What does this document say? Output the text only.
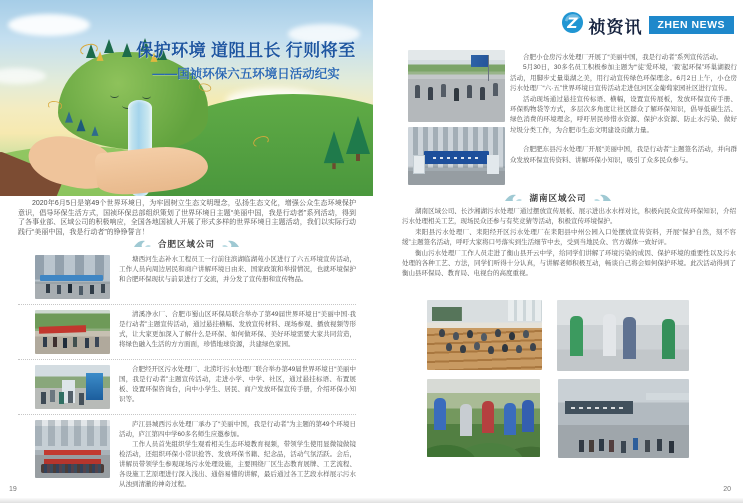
保护环境 道阻且长 行则将至
——国祯环保六五环境日活动纪实

2020年6月5日是第49个世界环境日，为牢固树立生态文明理念，弘扬生态文化，增强公众生态环境保护意识，倡导环保生活方式，国祯环保总部组织策划了世界环境日主题“美丽中国，我是行动者”系列活动，得到了各事业部、区域公司的积极响应，全国各地国祯人开展了形式多样的世界环境日主题活动，我们以实际行动践行“美丽中国，我是行动者”的铮铮誓言！

合肥区域公司

塘西河生态补水工程员工一行前往滨湖临湖苑小区进行了六五环境宣传活动，工作人员向周边居民和商户讲解环境日由来、国家政策和举措情况，也就环境保护和合肥环保现状与前景进行了交流，并分发了宣传册和宣传物品。

清溪净水厂、合肥市蜀山区环保局联合举办了第49届世界环境日“美丽中国·我是行动者”主题宣传活动，通过悬挂横幅、发放宣传材料、现场参观、播放视频等形式，让大家更加深入了解什么是环保、如何做环保、美好环境需要大家共同营造，将绿色融入生活的方方面面，珍惜地球资源，共建绿色家园。

合肥经开区污水处理厂、北涝圩污水处理厂联合举办第49届世界环境日“美丽中国，我是行动者”主题宣传活动，走进小学、中学、社区，通过悬挂标语、布置展板、设置环保咨询台，向中小学生、居民、商户发放环保宣传手册，介绍环保小知识等。

庐江县城西污水处理厂承办了“美丽中国，我是行动者”为主题的第49个环境日活动，庐江第四中学60多名师生应邀参加。

工作人员首先组织学生观看相关生态环境教育视频，带领学生使用显微镜做镜检活动，还组织环保小常识抢答、发放环保书籍、纪念品，活动气氛活跃。会后，讲解员带领学生参观现场污水处理设施，主要围绕厂区生态教育展牌、工艺流程、各设施工艺原理进行深入浅出、通俗易懂的讲解，最后通过各工艺段水样展示污水从浊到清澈的神奇过程。

19
Z 祯资讯	ZHEN NEWS

合肥小仓房污水处理厂开展了“美丽中国，我是行动者”系列宣传活动。

5月30日，30多名员工积极参加主题为“‘徒’爱环境，‘毅’起环保”环巢湖毅行活动，用脚步丈量巢湖之美，用行动宣传绿色环保理念。6月2日上午，小仓房污水处理厂“六·五”世界环境日宣传活动走进包河区金葡萄家园社区进行宣传。

活动现场通过悬挂宣传标语、横幅，设置宣传展板，发放环保宣传手册、环保购物袋等方式，多层次多角度让社区群众了解环保知识，倡导低碳生活、绿色消费的环境理念，呼吁居民珍惜水资源、保护水资源、防止水污染、做好垃圾分类工作，为合肥市生态文明建设贡献力量。

合肥肥东县污水处理厂开展“美丽中国，我是行动者”主题签名活动，并向群众发放环保宣传资料、讲解环保小知识，吸引了众多民众参与。

湖南区域公司

湖南区域公司、长沙湘湖污水处理厂通过摆放宣传展板、展示进出水水样对比，积极向民众宣传环保知识，介绍污水处理相关工艺，现场民众还参与有奖竞猜等活动，积极宣传环境保护。

耒阳县污水处理厂、耒阳经开区污水处理厂在耒阳县中州公园入口处摆放宣传资料，开展“保护自然，刻不容缓”主题签名活动，呼吁大家将口号落实到生活细节中去，受到当地民众、官方媒体一致好评。

衡山污水处理厂工作人员走进了衡山县开云中学，给同学们讲解了环境污染的成因、保护环境的重要性以及污水处理的各种工艺、方法，同学们听得十分认真，与讲解老师积极互动，畅谈自己将会如何保护环境。此次活动得到了衡山县环保局、教育局、电视台的高度重视。

20
